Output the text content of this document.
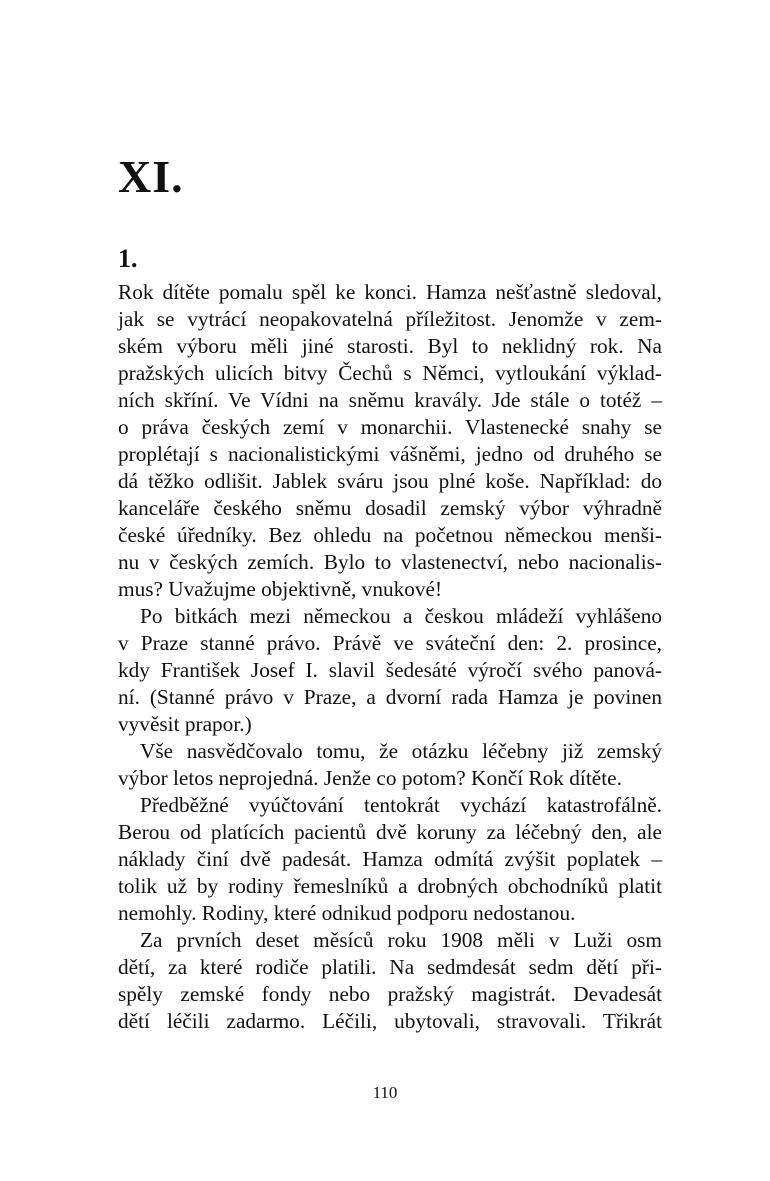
XI.
1.
Rok dítěte pomalu spěl ke konci. Hamza nešťastně sledoval,
jak se vytrácí neopakovatelná příležitost. Jenomže v zem-
ském výboru měli jiné starosti. Byl to neklidný rok. Na
pražských ulicích bitvy Čechů s Němci, vytloukání výklad-
ních skříní. Ve Vídni na sněmu kravály. Jde stále o totéž –
o práva českých zemí v monarchii. Vlastenecké snahy se
proplétají s nacionalistickými vášněmi, jedno od druhého se
dá těžko odlišit. Jablek sváru jsou plné koše. Například: do
kanceláře českého sněmu dosadil zemský výbor výhradně
české úředníky. Bez ohledu na početnou německou menši-
nu v českých zemích. Bylo to vlastenectví, nebo nacionalis-
mus? Uvažujme objektivně, vnukové!
Po bitkách mezi německou a českou mládeží vyhlášeno
v Praze stanné právo. Právě ve sváteční den: 2. prosince,
kdy František Josef I. slavil šedesáté výročí svého panová-
ní. (Stanné právo v Praze, a dvorní rada Hamza je povinen
vyvěsit prapor.)
Vše nasvědčovalo tomu, že otázku léčebny již zemský
výbor letos neprojedná. Jenže co potom? Končí Rok dítěte.
Předběžné vyúčtování tentokrát vychází katastrofálně.
Berou od platících pacientů dvě koruny za léčebný den, ale
náklady činí dvě padesát. Hamza odmítá zvýšit poplatek –
tolik už by rodiny řemeslníků a drobných obchodníků platit
nemohly. Rodiny, které odnikud podporu nedostanou.
Za prvních deset měsíců roku 1908 měli v Luži osm
dětí, za které rodiče platili. Na sedmdesát sedm dětí při-
spěly zemské fondy nebo pražský magistrát. Devadesát
dětí léčili zadarmo. Léčili, ubytovali, stravovali. Třikrát
110
